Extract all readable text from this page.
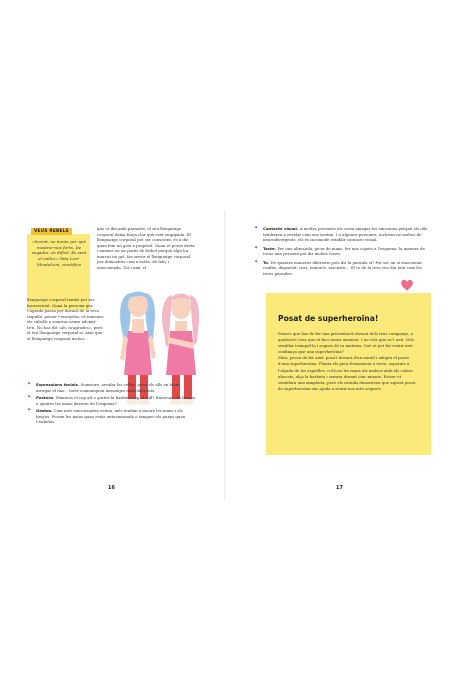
VEUS REBELS
«Sovint, no tenim per què mostrar-nos forts. De vegades, és difícil. Es sent el millor.» Rita Levi-Montalcini, científica
que et diu amb paraules, el seu llenguatge corporal deixa força clar què està empipada. El llenguatge corporal pot ser conscient, és a dir, quan fem un gest a propòsit. Quan et poses dreta i animes en un partit de futbol perquè algú ha marcat un gol, fas servir el llenguatge corporal per demostrar com n'estàs, de feliç i emocionada. Tot i així, el
llenguatge corporal també pot ser inconscient. Quan la persona que t'agrada passa per davant de la teva taquilla, potser t'enrojoles, et remenes els cabells o somrius sense adonar-te'n. No has dit «oh, m'agrades», però el teu llenguatge corporal sí. Això que el llenguatge corporal inclou...
✦ Expressions facials. Somriure, arrufar les celles, girar els ulls en blanc, arrugar el nas... totes comuniquen missatges molt diferents.
✦ Postura. Mantens el cap alt o gortes la barbeta cap al coll? Encreues els braços o ajuntes les mans darrere de l'esquena?
✦ Gestos. Com més emocionades estem, més tendim a moure les mans i els braços. Posem les mans quan estàs entusiasmada o tanques els punys quan t'enfades.
16
✦ Contacte visual. A moltes persones els costa amagar les emocions perquè els ulls tendeixen a revelar com ens sentim. I a algunes persones, incloent-ne moltes de neurodivergents, els és incòmode establir contacte visual.
✦ Tacte. Fer una abraçada, picar de mans, fer uns copets a l'esquena: la manera de tocar una persona pot dir moltes coses.
✦ To. De quantes maneres diferents pots dir la paraula sí? Pot ser un sí emocionat, confús, disgustat, trist, temorós, sarcàstic... El to de la teva veu diu tant com les teves paraules.
Posat de superheroïna!

Penses que has de fer una presentació davant dels teus companys, o qualsevol cosa que et faci sentir ansietat. I no vols que se't noti. Vols semblar tranquil·la i segura de tu mateixa. Què et pot fer sentir més confiança que una superheroïna?

Mira, prova de fer això: posa't davant d'un mirall i adopta el posat d'una superheroïna. Planta els peus fermament a terra, separats a l'alçada de les espatlles, col·loca les mans als malucs amb els colzes abocats, alça la barbeta i somriu durant cinc minuts. Potser et semblarà una ximpleria, però els estudis demostren que aquest posat de superheroïna ens ajuda a sentir-nos més segures.

17
